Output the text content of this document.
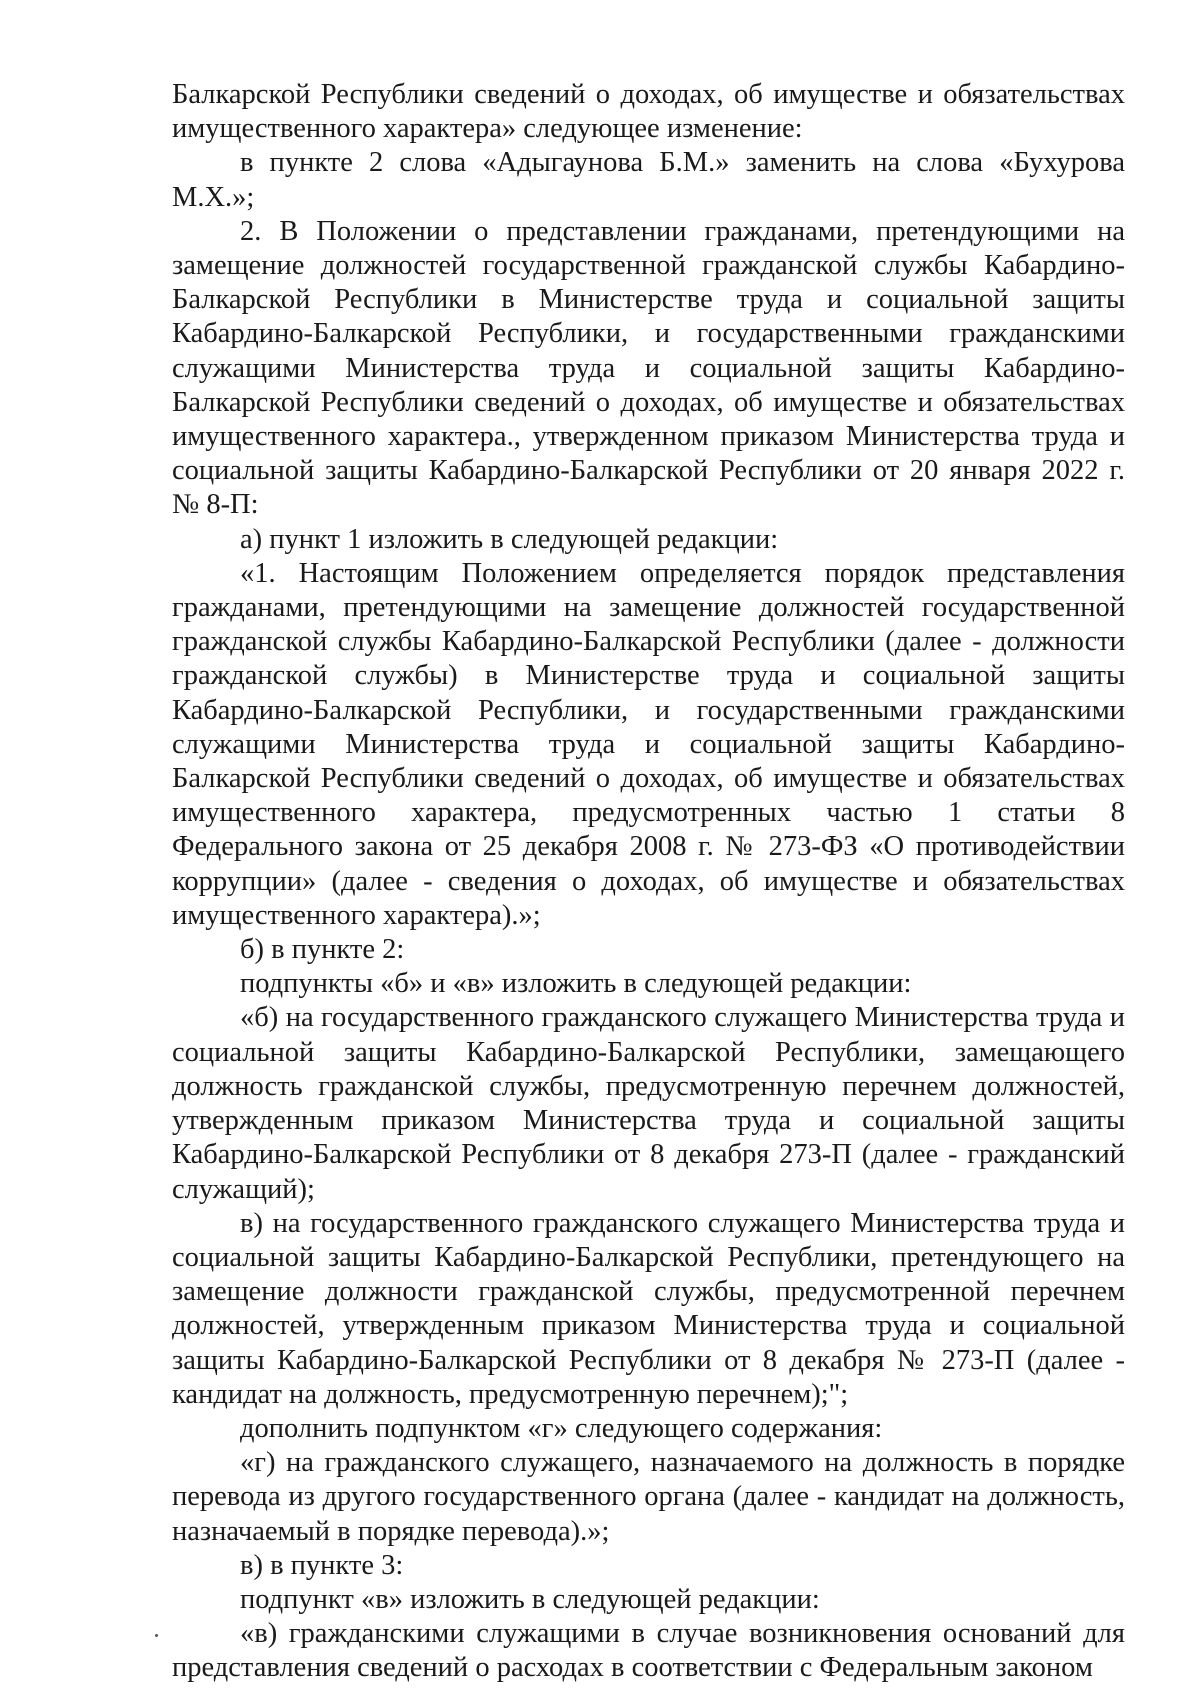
Балкарской Республики сведений о доходах, об имуществе и обязательствах имущественного характера» следующее изменение:

в пункте 2 слова «Адыгаунова Б.М.» заменить на слова «Бухурова М.Х.»;

2. В Положении о представлении гражданами, претендующими на замещение должностей государственной гражданской службы Кабардино-Балкарской Республики в Министерстве труда и социальной защиты Кабардино-Балкарской Республики, и государственными гражданскими служащими Министерства труда и социальной защиты Кабардино-Балкарской Республики сведений о доходах, об имуществе и обязательствах имущественного характера., утвержденном приказом Министерства труда и социальной защиты Кабардино-Балкарской Республики от 20 января 2022 г. № 8-П:

а) пункт 1 изложить в следующей редакции:

«1. Настоящим Положением определяется порядок представления гражданами, претендующими на замещение должностей государственной гражданской службы Кабардино-Балкарской Республики (далее - должности гражданской службы) в Министерстве труда и социальной защиты Кабардино-Балкарской Республики, и государственными гражданскими служащими Министерства труда и социальной защиты Кабардино-Балкарской Республики сведений о доходах, об имуществе и обязательствах имущественного характера, предусмотренных частью 1 статьи 8 Федерального закона от 25 декабря 2008 г. № 273-ФЗ «О противодействии коррупции» (далее - сведения о доходах, об имуществе и обязательствах имущественного характера).»;

б) в пункте 2:

подпункты «б» и «в» изложить в следующей редакции:

«б) на государственного гражданского служащего Министерства труда и социальной защиты Кабардино-Балкарской Республики, замещающего должность гражданской службы, предусмотренную перечнем должностей, утвержденным приказом Министерства труда и социальной защиты Кабардино-Балкарской Республики от 8 декабря 273-П (далее - гражданский служащий);

в) на государственного гражданского служащего Министерства труда и социальной защиты Кабардино-Балкарской Республики, претендующего на замещение должности гражданской службы, предусмотренной перечнем должностей, утвержденным приказом Министерства труда и социальной защиты Кабардино-Балкарской Республики от 8 декабря № 273-П (далее - кандидат на должность, предусмотренную перечнем);";

дополнить подпунктом «г» следующего содержания:

«г) на гражданского служащего, назначаемого на должность в порядке перевода из другого государственного органа (далее - кандидат на должность, назначаемый в порядке перевода).»;

в) в пункте 3:

подпункт «в» изложить в следующей редакции:

«в) гражданскими служащими в случае возникновения оснований для представления сведений о расходах в соответствии с Федеральным законом
